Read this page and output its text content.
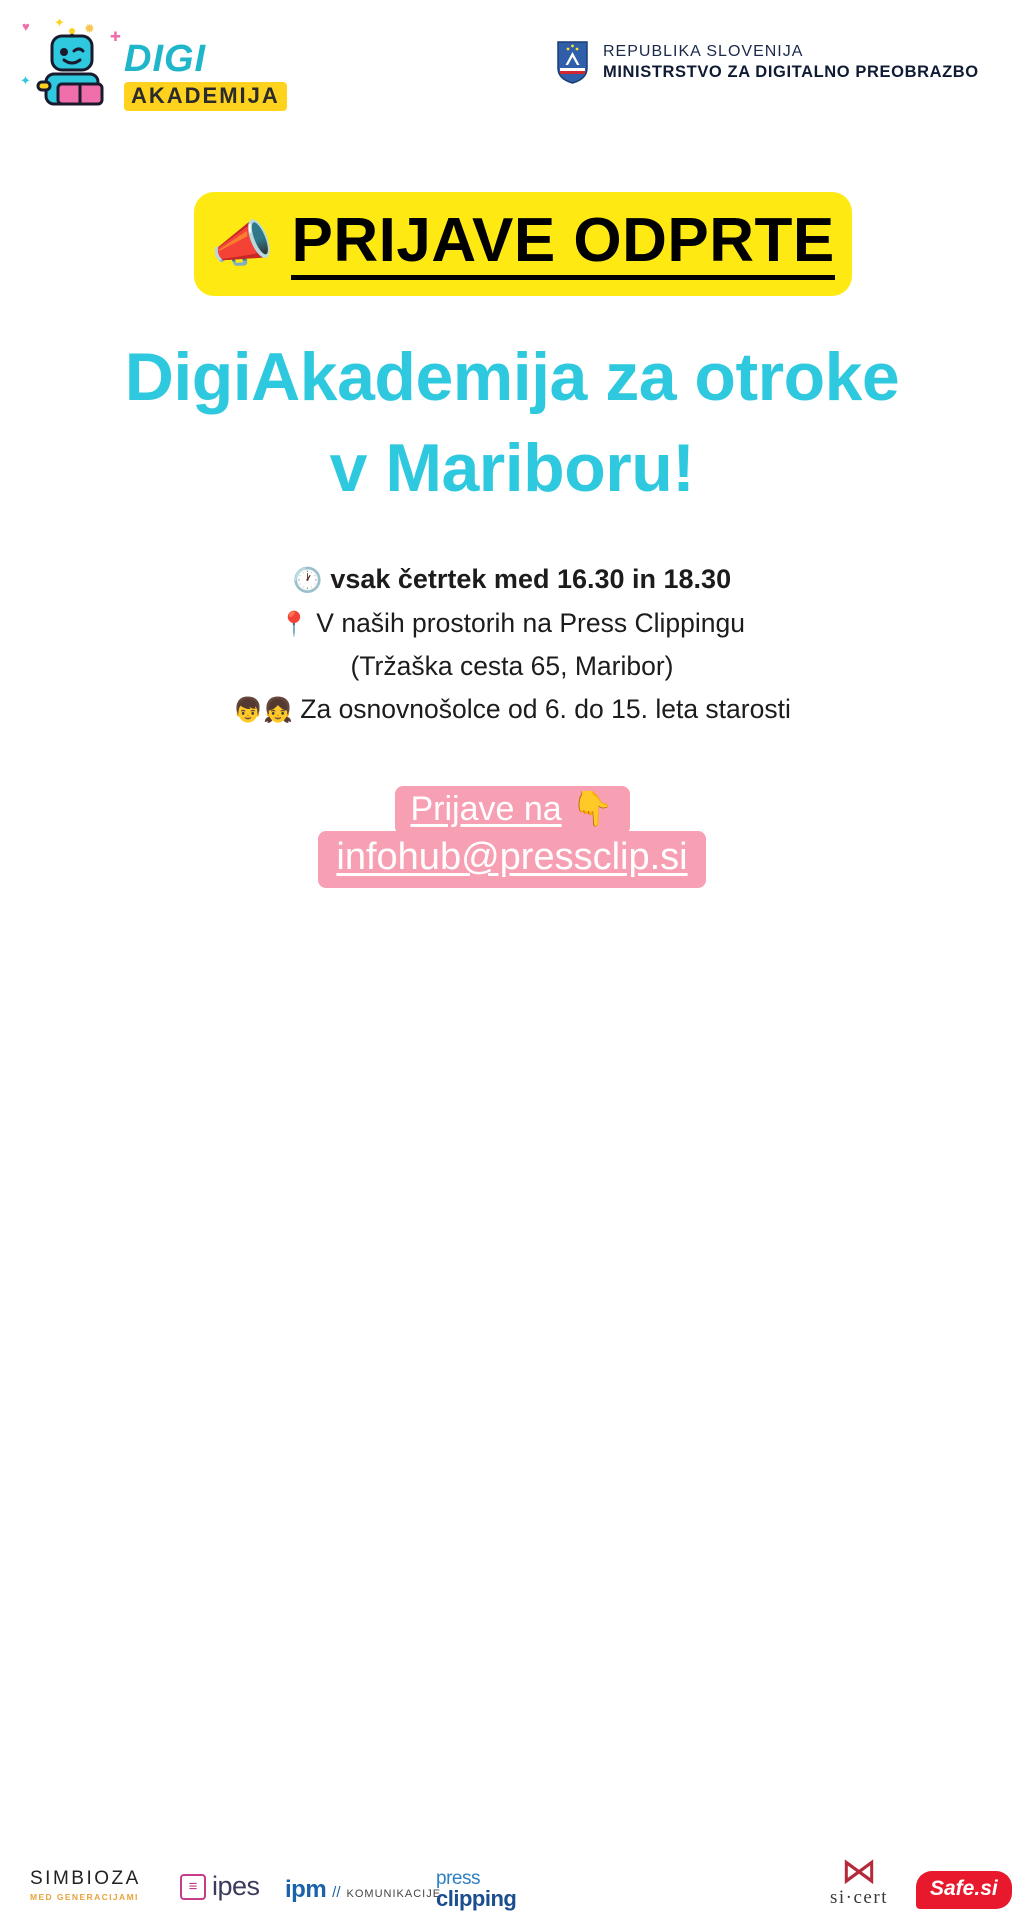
♥ ✦ ✹
✚
✦
DIGI
AKADEMIJA
REPUBLIKA SLOVENIJA
MINISTRSTVO ZA DIGITALNO PREOBRAZBO
📣 PRIJAVE ODPRTE
DigiAkademija za otroke
v Mariboru!
🕐 vsak četrtek med 16.30 in 18.30
📍 V naših prostorih na Press Clippingu
(Tržaška cesta 65, Maribor)
👦👧 Za osnovnošolce od 6. do 15. leta starosti
Prijave na 👇
infohub@pressclip.si
SIMBIOZA
MED GENERACIJAMI
≡ ipes ipm // KOMUNIKACIJE
press
clipping
⋈
si·cert	Safe.si
